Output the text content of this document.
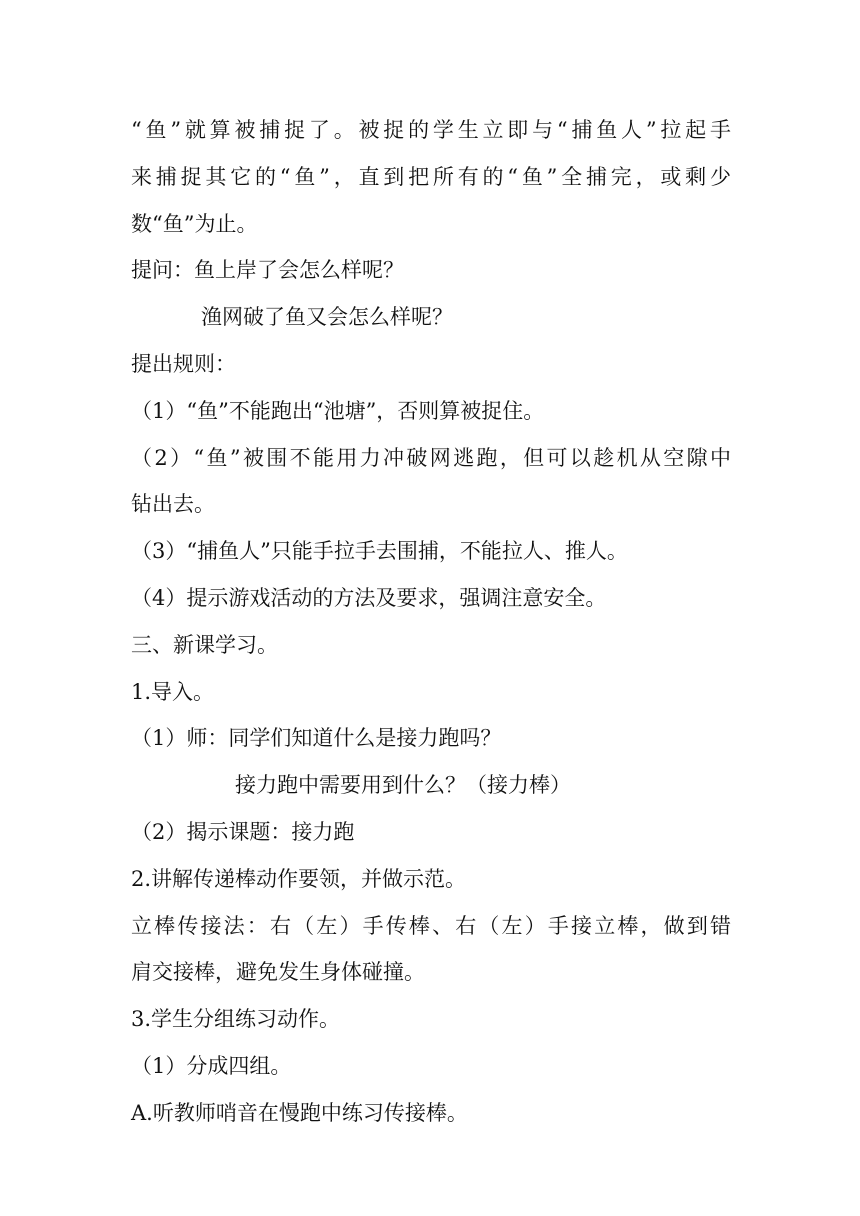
“鱼”就算被捕捉了。被捉的学生立即与“捕鱼人”拉起手
来捕捉其它的“鱼”，直到把所有的“鱼”全捕完，或剩少
数“鱼”为止。
提问：鱼上岸了会怎么样呢？
渔网破了鱼又会怎么样呢？
提出规则：
（1）“鱼”不能跑出“池塘”，否则算被捉住。
（2）“鱼”被围不能用力冲破网逃跑，但可以趁机从空隙中
钻出去。
（3）“捕鱼人”只能手拉手去围捕，不能拉人、推人。
（4）提示游戏活动的方法及要求，强调注意安全。
三、新课学习。
1.导入。
（1）师：同学们知道什么是接力跑吗？
接力跑中需要用到什么？（接力棒）
（2）揭示课题：接力跑
2.讲解传递棒动作要领，并做示范。
立棒传接法：右（左）手传棒、右（左）手接立棒，做到错
肩交接棒，避免发生身体碰撞。
3.学生分组练习动作。
（1）分成四组。
A.听教师哨音在慢跑中练习传接棒。
